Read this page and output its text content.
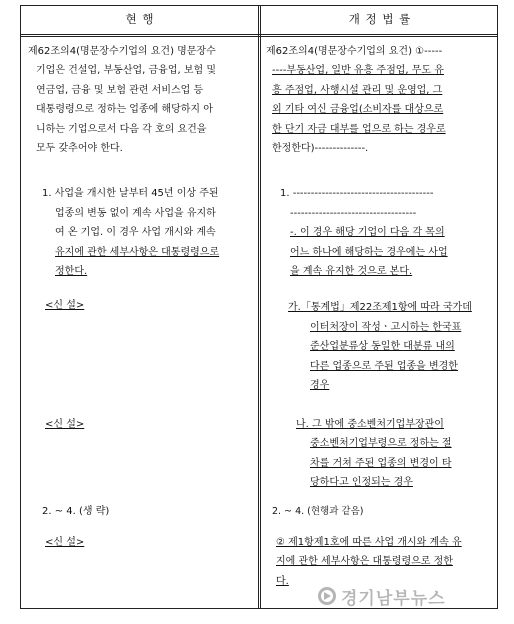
현 행	개 정 법 률
제62조의4(명문장수기업의 요건) 명문장수
기업은 건설업, 부동산업, 금융업, 보험 및
연금업, 금융 및 보험 관련 서비스업 등
대통령령으로 정하는 업종에 해당하지 아
니하는 기업으로서 다음 각 호의 요건을
모두 갖추어야 한다.
1. 사업을 개시한 날부터 45년 이상 주된
업종의 변동 없이 계속 사업을 유지하
여 온 기업. 이 경우 사업 개시와 계속
유지에 관한 세부사항은 대통령령으로
정한다.
<신 설>
<신 설>
2. ~ 4. (생 략)
<신 설>
제62조의4(명문장수기업의 요건) ①-----
----부동산업, 일반 유흥 주점업, 무도 유
흥 주점업, 사행시설 관리 및 운영업, 그
외 기타 여신 금융업(소비자를 대상으로
한 단기 자금 대부를 업으로 하는 경우로
한정한다)--------------.
1. ---------------------------------------
-----------------------------------
-. 이 경우 해당 기업이 다음 각 목의
어느 하나에 해당하는 경우에는 사업
을 계속 유지한 것으로 본다.
가.「통계법」제22조제1항에 따라 국가데
이터처장이 작성ㆍ고시하는 한국표
준산업분류상 동일한 대분류 내의
다른 업종으로 주된 업종을 변경한
경우
나. 그 밖에 중소벤처기업부장관이
중소벤처기업부령으로 정하는 절
차를 거쳐 주된 업종의 변경이 타
당하다고 인정되는 경우
2. ~ 4. (현행과 같음)
② 제1항제1호에 따른 사업 개시와 계속 유
지에 관한 세부사항은 대통령령으로 정한
다.
경기남부뉴스
